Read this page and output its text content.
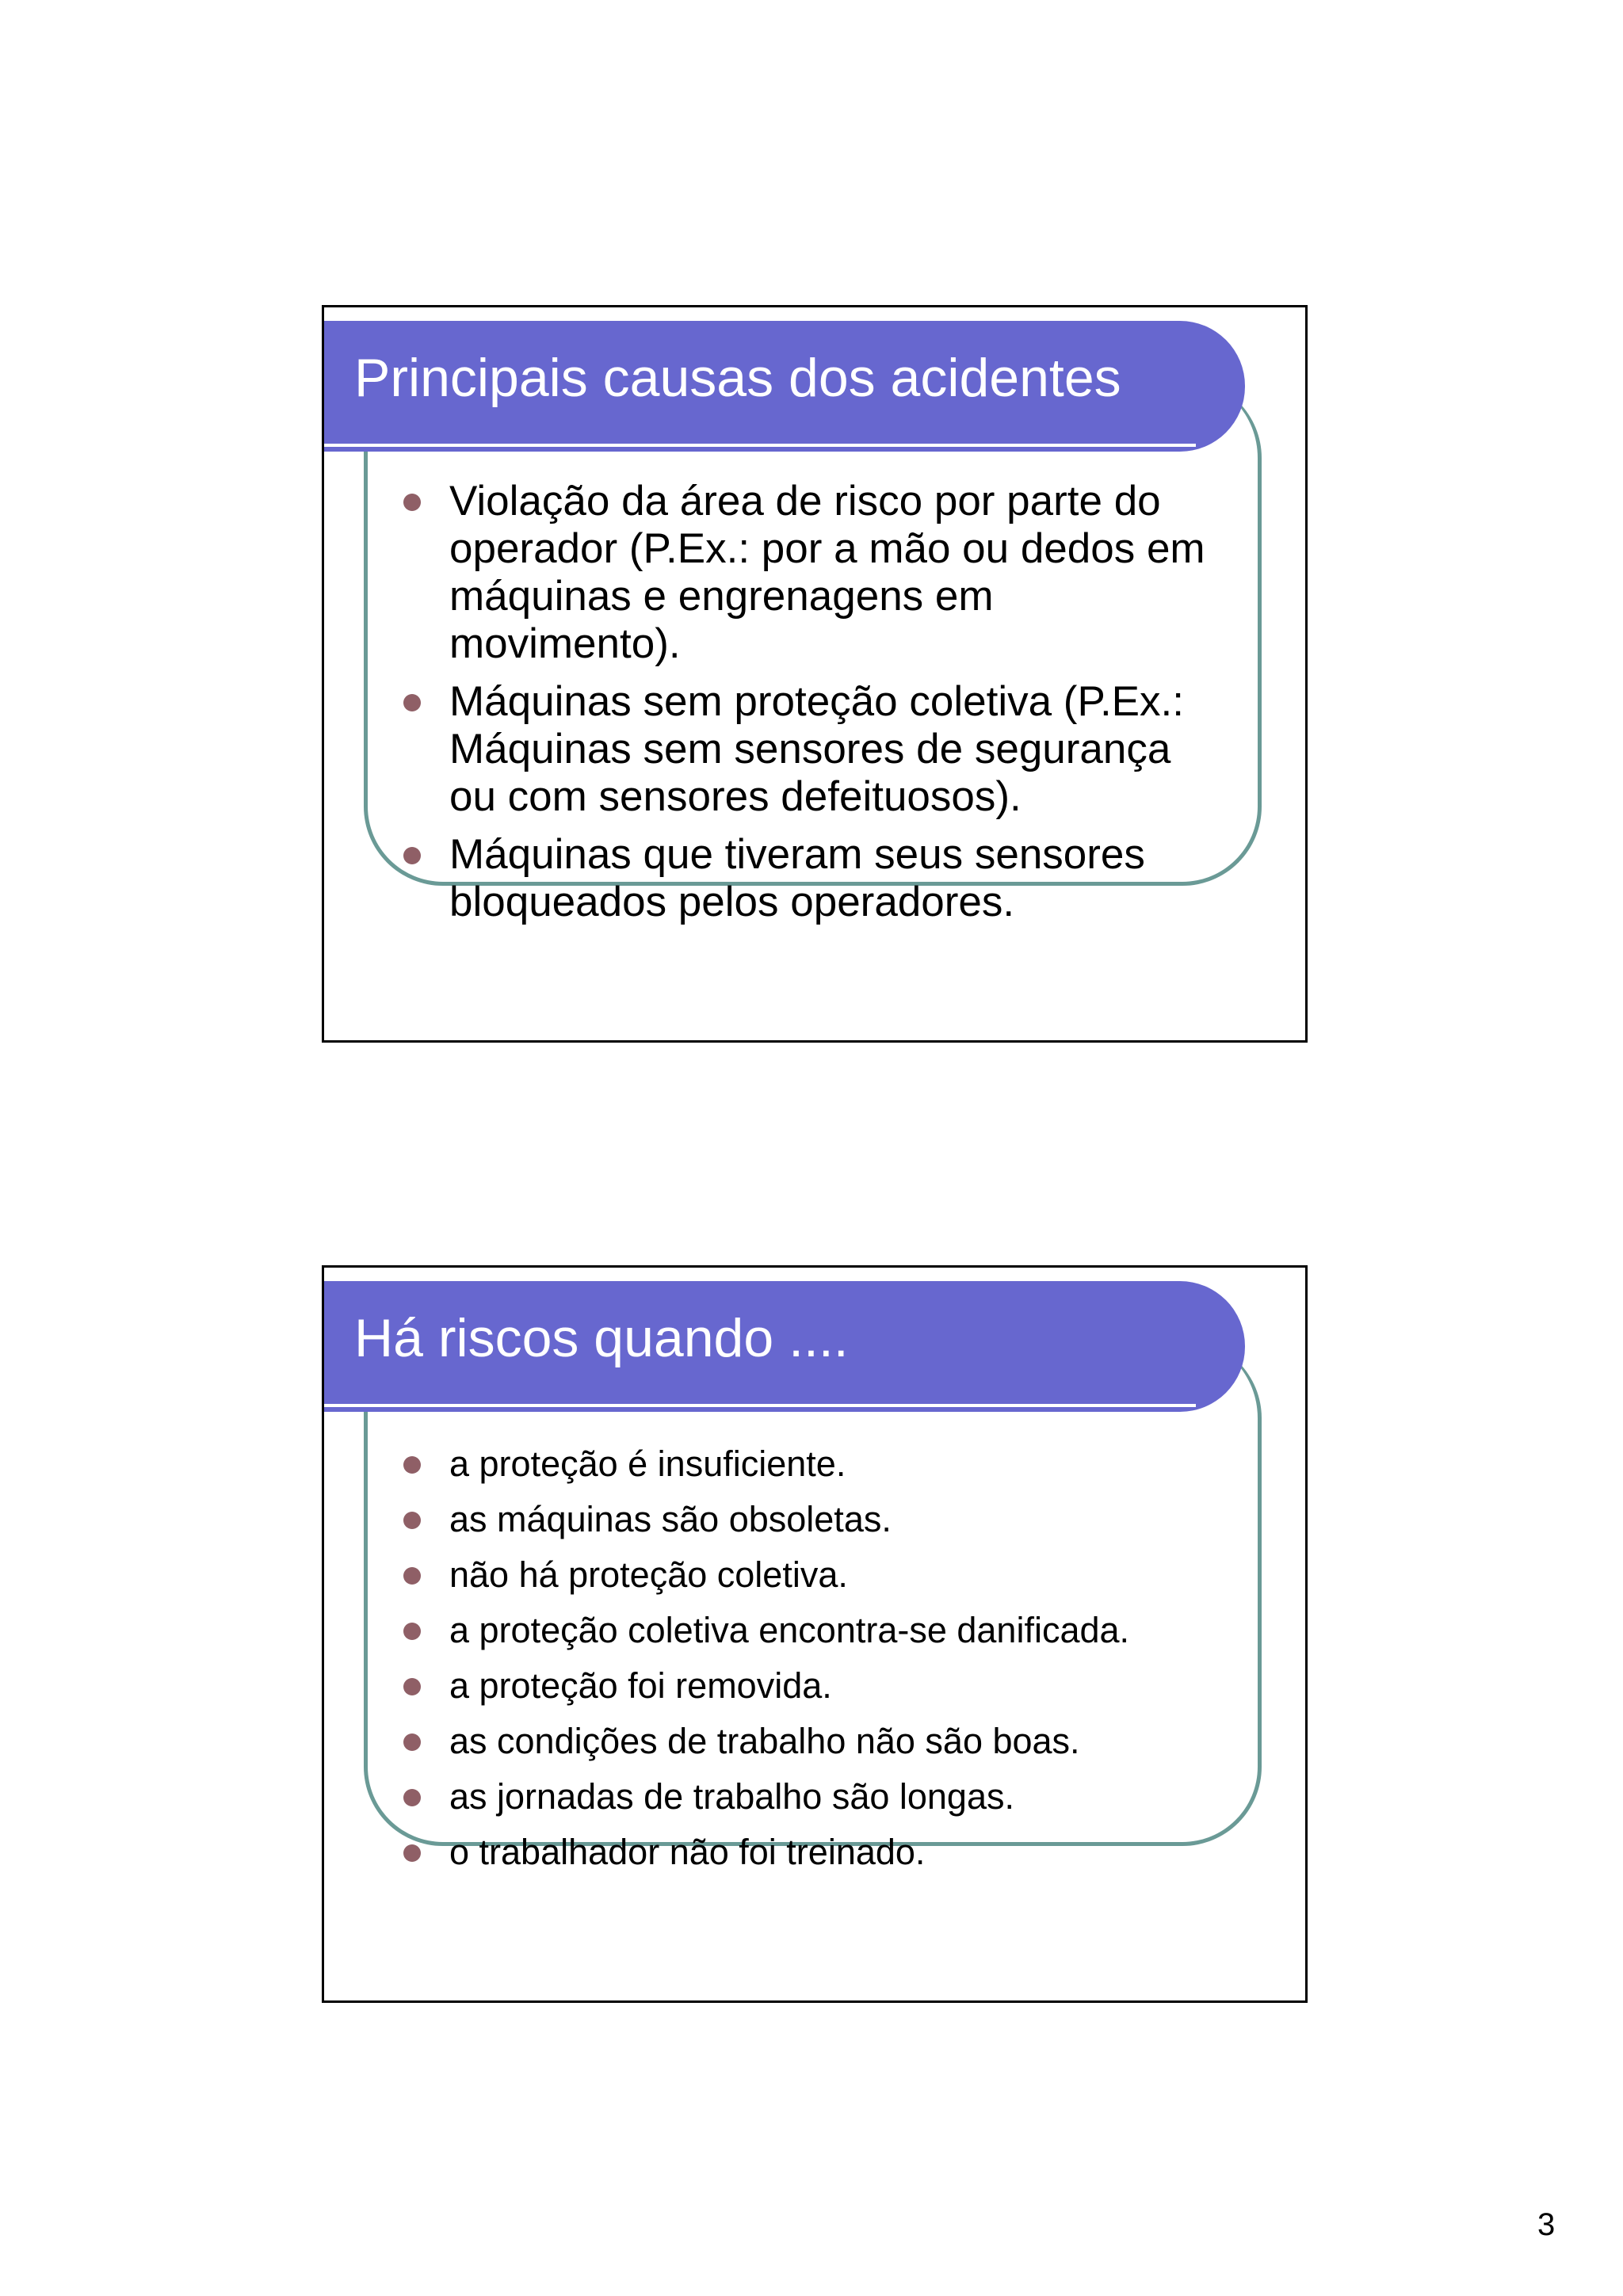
Principais causas dos acidentes
Violação da área de risco por parte do operador (P.Ex.: por a mão ou dedos em máquinas e engrenagens em movimento).
Máquinas sem proteção coletiva (P.Ex.: Máquinas sem sensores de segurança ou com sensores defeituosos).
Máquinas que tiveram seus sensores bloqueados pelos operadores.
Há riscos quando ....
a proteção é insuficiente.
as máquinas são obsoletas.
não há proteção coletiva.
a proteção coletiva encontra-se danificada.
a proteção foi removida.
as condições de trabalho não são boas.
as jornadas de trabalho são longas.
o trabalhador não foi treinado.
3
